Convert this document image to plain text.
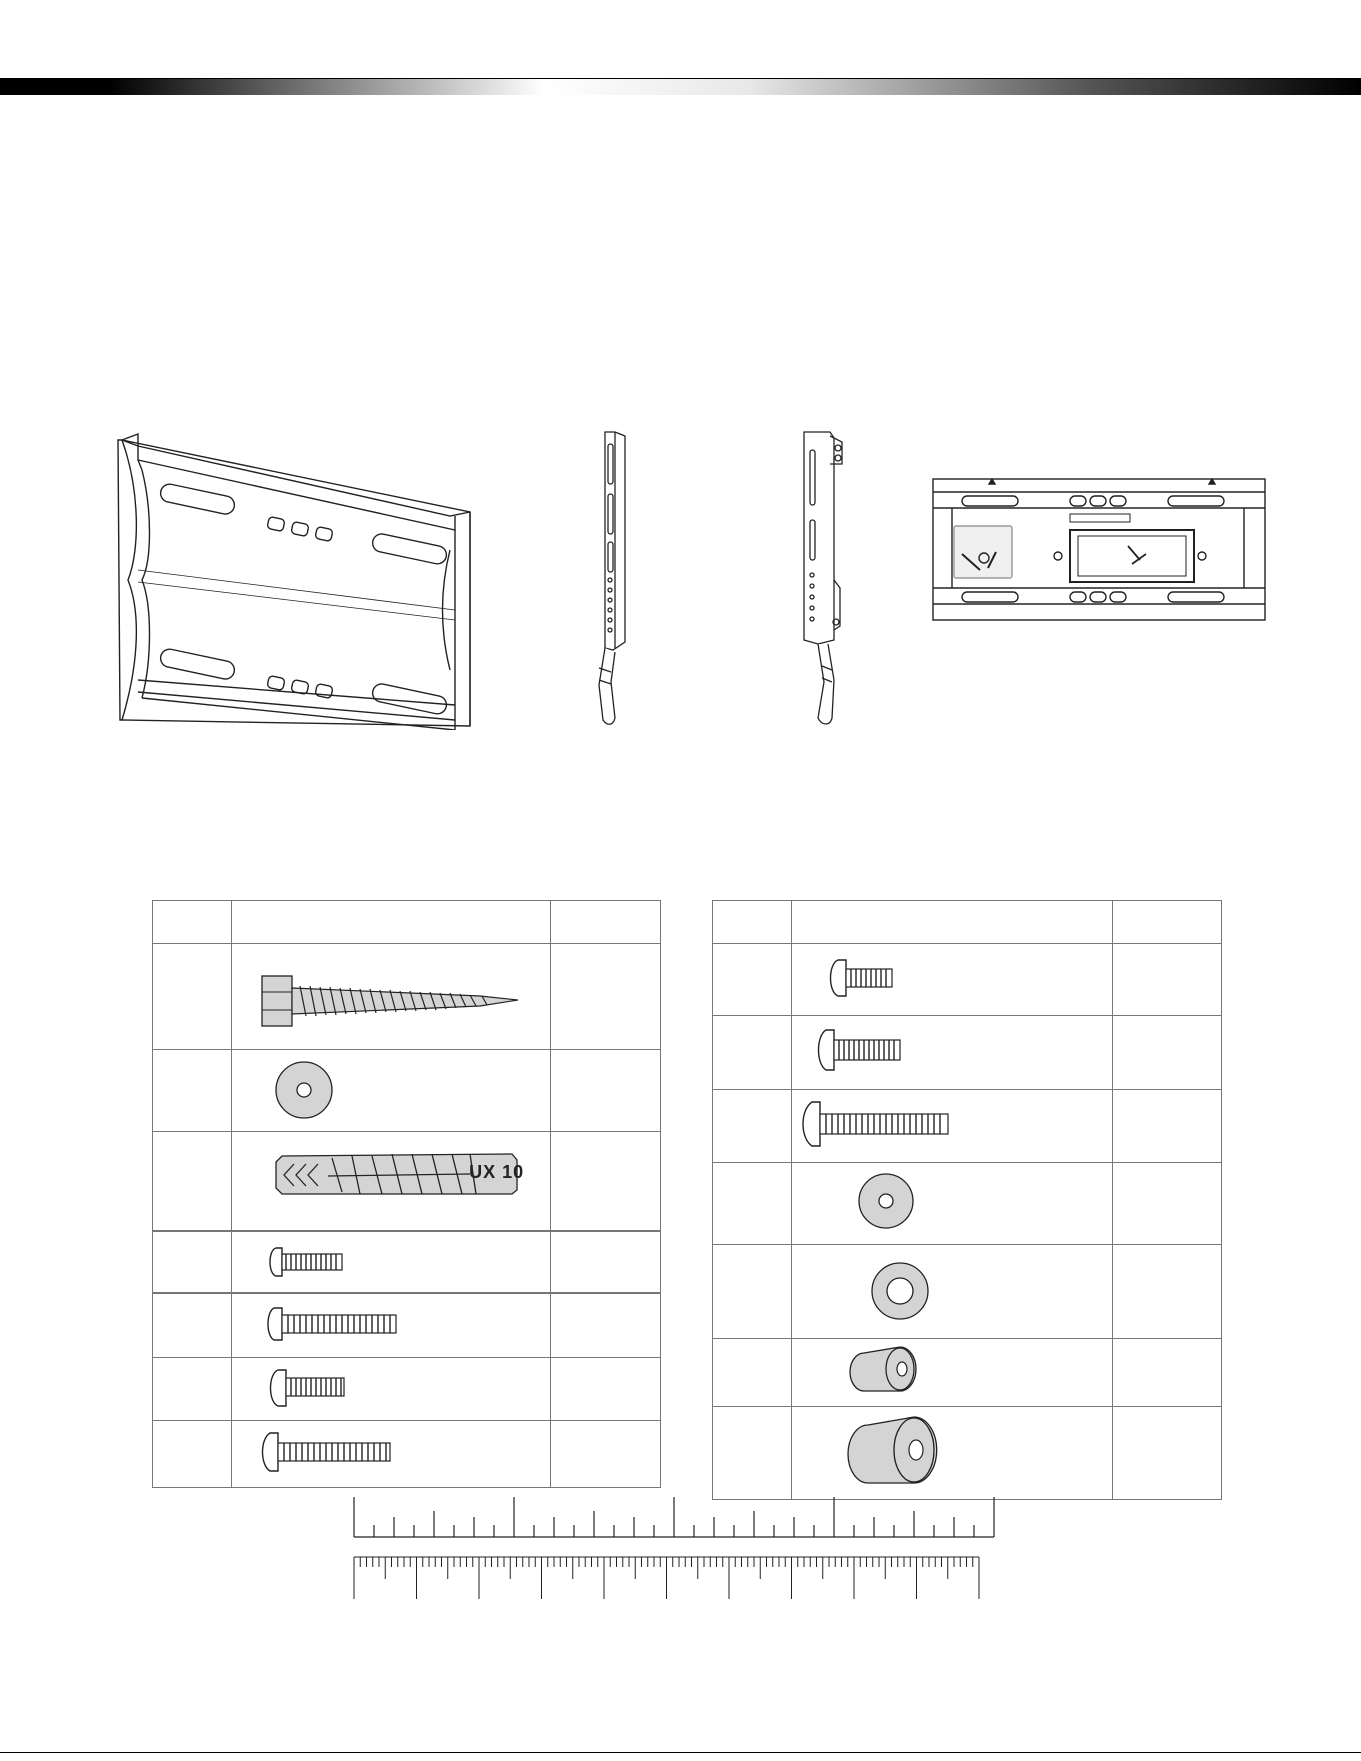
	UX 10	
